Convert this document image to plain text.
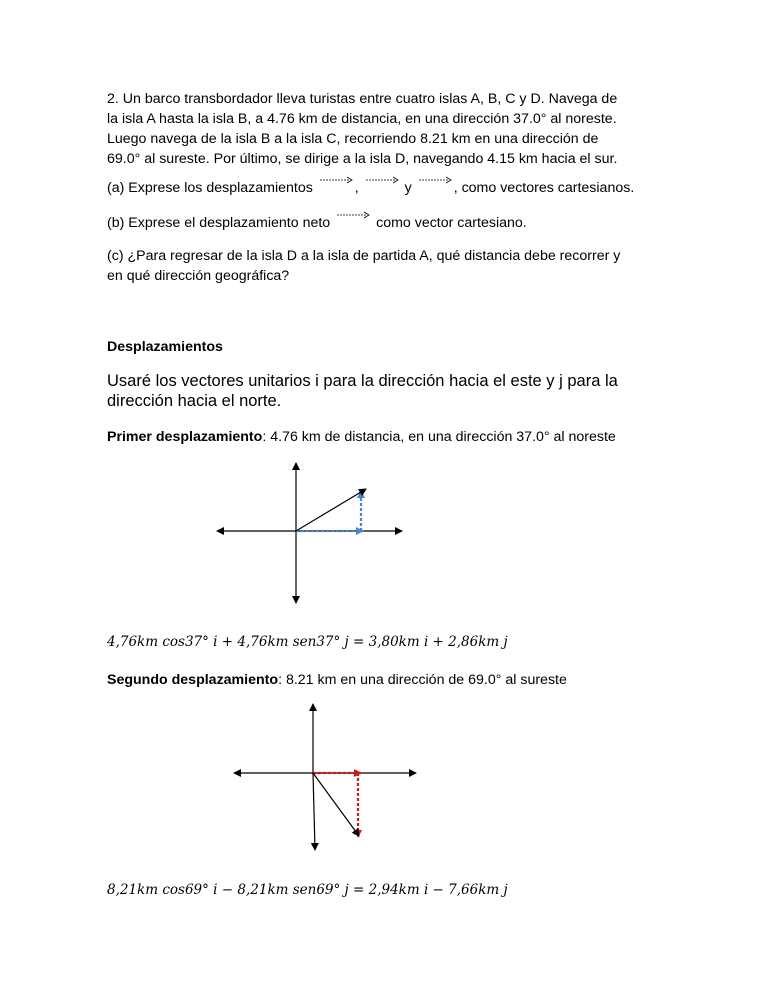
2. Un barco transbordador lleva turistas entre cuatro islas A, B, C y D. Navega de
la isla A hasta la isla B, a 4.76 km de distancia, en una dirección 37.0° al noreste.
Luego navega de la isla B a la isla C, recorriendo 8.21 km en una dirección de
69.0° al sureste. Por último, se dirige a la isla D, navegando 4.15 km hacia el sur.
(a) Exprese los desplazamientos	,	y	, como vectores cartesianos.
(b) Exprese el desplazamiento neto	como vector cartesiano.
(c) ¿Para regresar de la isla D a la isla de partida A, qué distancia debe recorrer y
en qué dirección geográfica?
Desplazamientos
Usaré los vectores unitarios i para la dirección hacia el este y j para la
dirección hacia el norte.
Primer desplazamiento: 4.76 km de distancia, en una dirección 37.0° al noreste
4,76km cos37° i + 4,76km sen37° j = 3,80km i + 2,86km j
Segundo desplazamiento: 8.21 km en una dirección de 69.0° al sureste
8,21km cos69° i − 8,21km sen69° j = 2,94km i − 7,66km j
